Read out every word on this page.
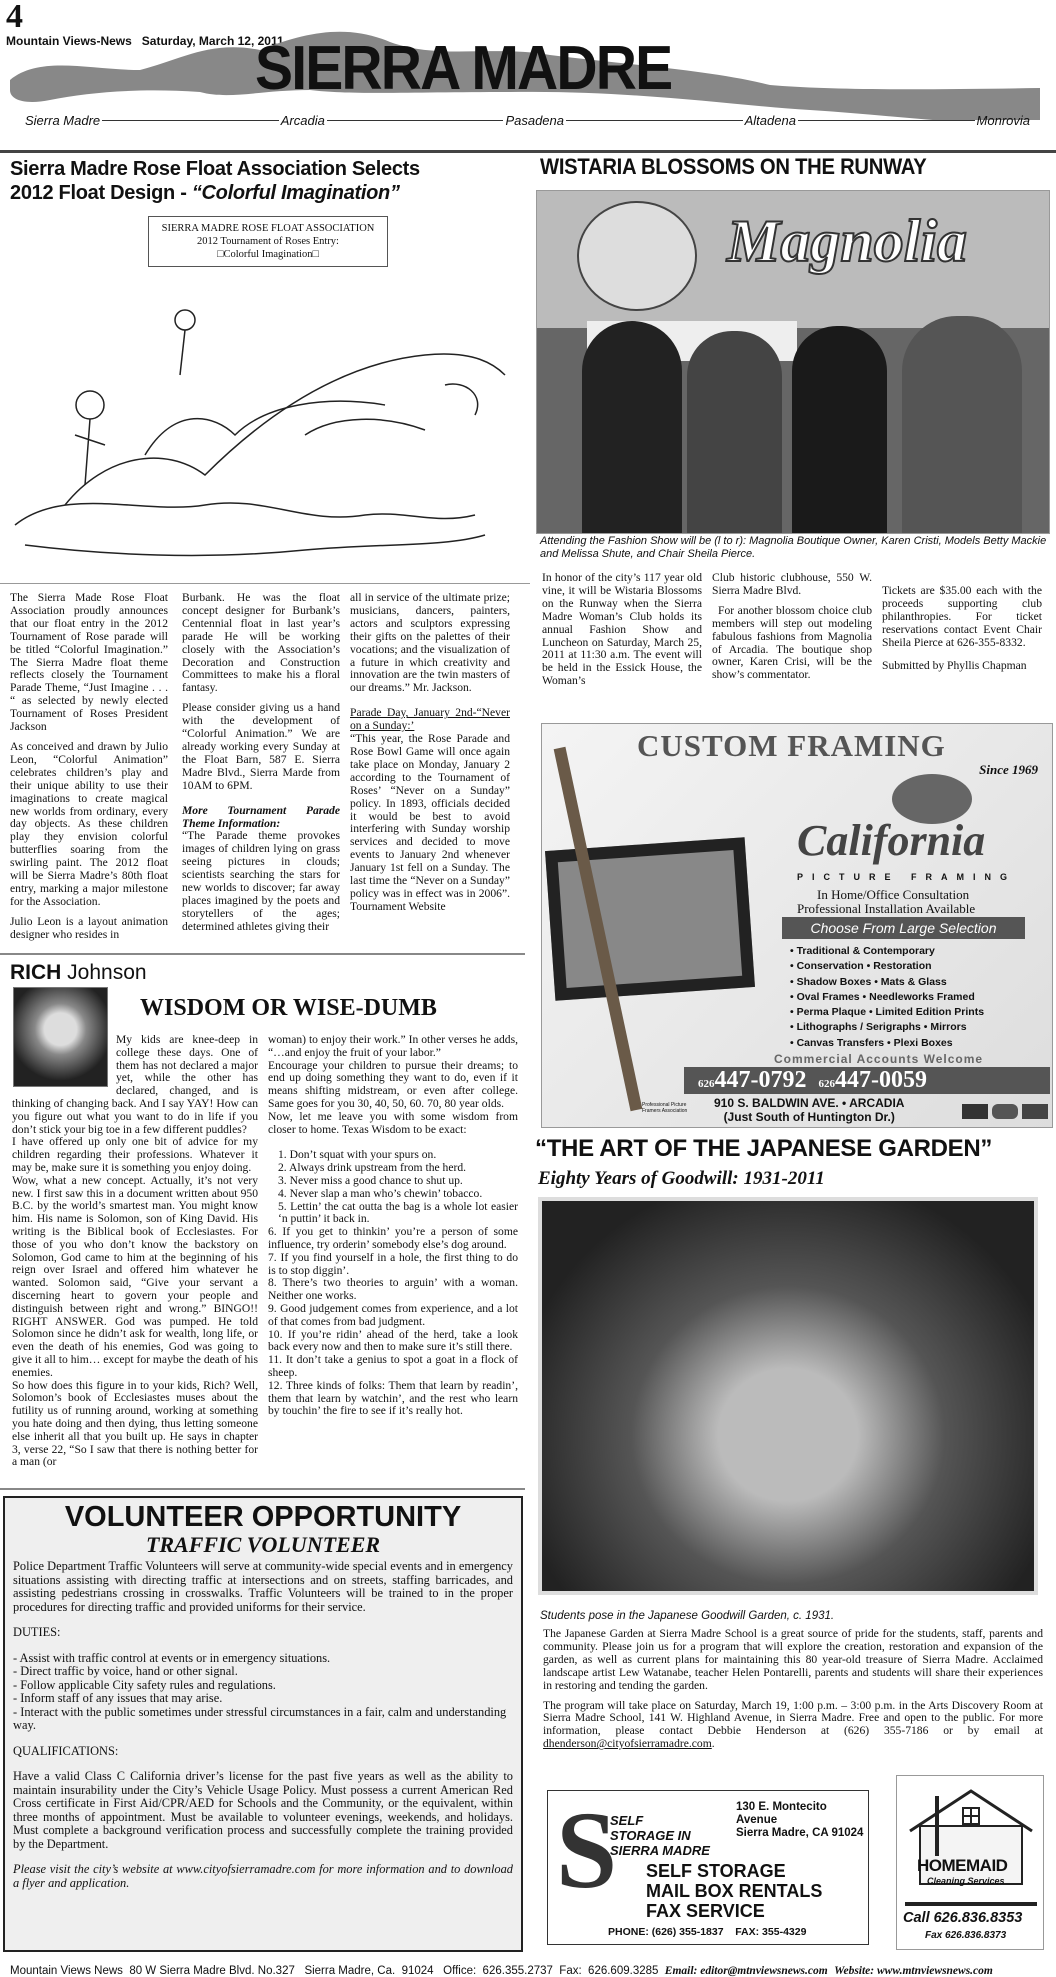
4
Mountain Views-News   Saturday, March 12, 2011
SIERRA MADRE
Sierra Madre	Arcadia	Pasadena	Altadena	Monrovia
Sierra Madre Rose Float Association Selects
2012 Float Design - “Colorful Imagination”
SIERRA MADRE ROSE FLOAT ASSOCIATION
2012 Tournament of Roses Entry:
□Colorful Imagination□

The Sierra Made Rose Float Association proudly announces that our float entry in the 2012 Tournament of Rose parade will be titled “Colorful Imagination.” The Sierra Madre float theme reflects closely the Tournament Parade Theme, “Just Imagine . . . “ as selected by newly elected Tournament of Roses President Jackson

As conceived and drawn by Julio Leon, “Colorful Animation” celebrates children’s play and their unique ability to use their imaginations to create magical new worlds from ordinary, every day objects. As these children play they envision colorful butterflies soaring from the swirling paint. The 2012 float will be Sierra Madre’s 80th float entry, marking a major milestone for the Association.

Julio Leon is a layout animation designer who resides in

Burbank. He was the float concept designer for Burbank’s Centennial float in last year’s parade He will be working closely with the Association’s Decoration and Construction Committees to make his a floral fantasy.

Please consider giving us a hand with the development of “Colorful Animation.” We are already working every Sunday at the Float Barn, 587 E. Sierra Madre Blvd., Sierra Marde from 10AM to 6PM.

More Tournament Parade Theme Information:

“The Parade theme provokes images of children lying on grass seeing pictures in clouds; scientists searching the stars for new worlds to discover; far away places imagined by the poets and storytellers of the ages; determined athletes giving their

all in service of the ultimate prize; musicians, dancers, painters, actors and sculptors expressing their gifts on the palettes of their vocations; and the visualization of a future in which creativity and innovation are the twin masters of our dreams.” Mr. Jackson.

Parade Day, January 2nd-“Never on a Sunday:’

“This year, the Rose Parade and Rose Bowl Game will once again take place on Monday, January 2 according to the Tournament of Roses’ “Never on a Sunday” policy. In 1893, officials decided it would be best to avoid interfering with Sunday worship services and decided to move events to January 2nd whenever January 1st fell on a Sunday. The last time the “Never on a Sunday” policy was in effect was in 2006”. Tournament Website

RICH Johnson
WISDOM OR WISE-DUMB

My kids are knee-deep in college these days. One of them has not declared a major yet, while the other has declared, changed, and is thinking of changing back. And I say YAY! How can you figure out what you want to do in life if you don’t stick your big toe in a few different puddles?

I have offered up only one bit of advice for my children regarding their professions. Whatever it may be, make sure it is something you enjoy doing.

Wow, what a new concept. Actually, it’s not very new. I first saw this in a document written about 950 B.C. by the world’s smartest man. You might know him. His name is Solomon, son of King David. His writing is the Biblical book of Ecclesiastes. For those of you who don’t know the backstory on Solomon, God came to him at the beginning of his reign over Israel and offered him whatever he wanted. Solomon said, “Give your servant a discerning heart to govern your people and distinguish between right and wrong.” BINGO!! RIGHT ANSWER. God was pumped. He told Solomon since he didn’t ask for wealth, long life, or even the death of his enemies, God was going to give it all to him… except for maybe the death of his enemies.

So how does this figure in to your kids, Rich? Well, Solomon’s book of Ecclesiastes muses about the futility us of running around, working at something you hate doing and then dying, thus letting someone else inherit all that you built up. He says in chapter 3, verse 22, “So I saw that there is nothing better for a man (or

woman) to enjoy their work.” In other verses he adds, “…and enjoy the fruit of your labor.”

Encourage your children to pursue their dreams; to end up doing something they want to do, even if it means shifting midstream, or even after college. Same goes for you 30, 40, 50, 60. 70, 80 year olds.

Now, let me leave you with some wisdom from closer to home. Texas Wisdom to be exact:

1. Don’t squat with your spurs on.

2. Always drink upstream from the herd.

3. Never miss a good chance to shut up.

4. Never slap a man who’s chewin’ tobacco.

5. Lettin’ the cat outta the bag is a whole lot easier ‘n puttin’ it back in.

6. If you get to thinkin’ you’re a person of some influence, try orderin’ somebody else’s dog around.

7. If you find yourself in a hole, the first thing to do is to stop diggin’.

8. There’s two theories to arguin’ with a woman. Neither one works.

9. Good judgement comes from experience, and a lot of that comes from bad judgment.

10. If you’re ridin’ ahead of the herd, take a look back every now and then to make sure it’s still there.

11. It don’t take a genius to spot a goat in a flock of sheep.

12. Three kinds of folks: Them that learn by readin’, them that learn by watchin’, and the rest who learn by touchin’ the fire to see if it’s really hot.

VOLUNTEER OPPORTUNITY
TRAFFIC VOLUNTEER

Police Department Traffic Volunteers will serve at community-wide special events and in emergency situations assisting with directing traffic at intersections and on streets, staffing barricades, and assisting pedestrians crossing in crosswalks. Traffic Volunteers will be trained to in the proper procedures for directing traffic and provided uniforms for their service.

DUTIES:

- Assist with traffic control at events or in emergency situations.
- Direct traffic by voice, hand or other signal.
- Follow applicable City safety rules and regulations.
- Inform staff of any issues that may arise.
- Interact with the public sometimes under stressful circumstances in a fair, calm and understanding way.

QUALIFICATIONS:

Have a valid Class C California driver’s license for the past five years as well as the ability to maintain insurability under the City’s Vehicle Usage Policy. Must possess a current American Red Cross certificate in First Aid/CPR/AED for Schools and the Community, or the equivalent, within three months of appointment. Must be available to volunteer evenings, weekends, and holidays. Must complete a background verification process and successfully complete the training provided by the Department.

Please visit the city’s website at www.cityofsierramadre.com for more information and to download a flyer and application.

WISTARIA BLOSSOMS ON THE RUNWAY
Magnolia
Attending the Fashion Show will be (l to r): Magnolia Boutique Owner, Karen Cristi, Models Betty Mackie and Melissa Shute, and Chair Sheila Pierce.

In honor of the city’s 117 year old vine, it will be Wistaria Blossoms on the Runway when the Sierra Madre Woman’s Club holds its annual Fashion Show and Luncheon on Saturday, March 25, 2011 at 11:30 a.m. The event will be held in the Essick House, the Woman’s

Club historic clubhouse, 550 W. Sierra Madre Blvd.

For another blossom choice club members will step out modeling fabulous fashions from Magnolia of Arcadia. The boutique shop owner, Karen Crisi, will be the show’s commentator.

Tickets are $35.00 each with the proceeds supporting club philanthropies. For ticket reservations contact Event Chair Sheila Pierce at 626-355-8332.

Submitted by Phyllis Chapman

CUSTOM FRAMING
Since 1969
California
PICTURE FRAMING
In Home/Office Consultation
Professional Installation Available
Choose From Large Selection
• Traditional & Contemporary
• Conservation • Restoration
• Shadow Boxes • Mats & Glass
• Oval Frames • Needleworks Framed
• Perma Plaque • Limited Edition Prints
• Lithographs / Serigraphs • Mirrors
• Canvas Transfers • Plexi Boxes
Commercial Accounts Welcome
626447-0792 626447-0059
Professional Picture Framers Association
910 S. BALDWIN AVE. • ARCADIA
(Just South of Huntington Dr.)
“THE ART OF THE JAPANESE GARDEN”
Eighty Years of Goodwill: 1931-2011
Students pose in the Japanese Goodwill Garden, c. 1931.

The Japanese Garden at Sierra Madre School is a great source of pride for the students, staff, parents and community. Please join us for a program that will explore the creation, restoration and expansion of the garden, as well as current plans for maintaining this 80 year-old treasure of Sierra Madre. Acclaimed landscape artist Lew Watanabe, teacher Helen Pontarelli, parents and students will share their experiences in restoring and tending the garden.

The program will take place on Saturday, March 19, 1:00 p.m. – 3:00 p.m. in the Arts Discovery Room at Sierra Madre School, 141 W. Highland Avenue, in Sierra Madre. Free and open to the public. For more information, please contact Debbie Henderson at (626) 355-7186 or by email at dhenderson@cityofsierramadre.com.

S
SELF
STORAGE IN
SIERRA MADRE
130 E. Montecito Avenue
Sierra Madre, CA 91024
SELF STORAGE
MAIL BOX RENTALS
FAX SERVICE
PHONE: (626) 355-1837    FAX: 355-4329
HOMEMAID
Cleaning Services
Call 626.836.8353
Fax 626.836.8373

Mountain Views News  80 W Sierra Madre Blvd. No.327   Sierra Madre, Ca.  91024   Office:  626.355.2737  Fax:  626.609.3285 Email: editor@mtnviewsnews.com Website: www.mtnviewsnews.com
